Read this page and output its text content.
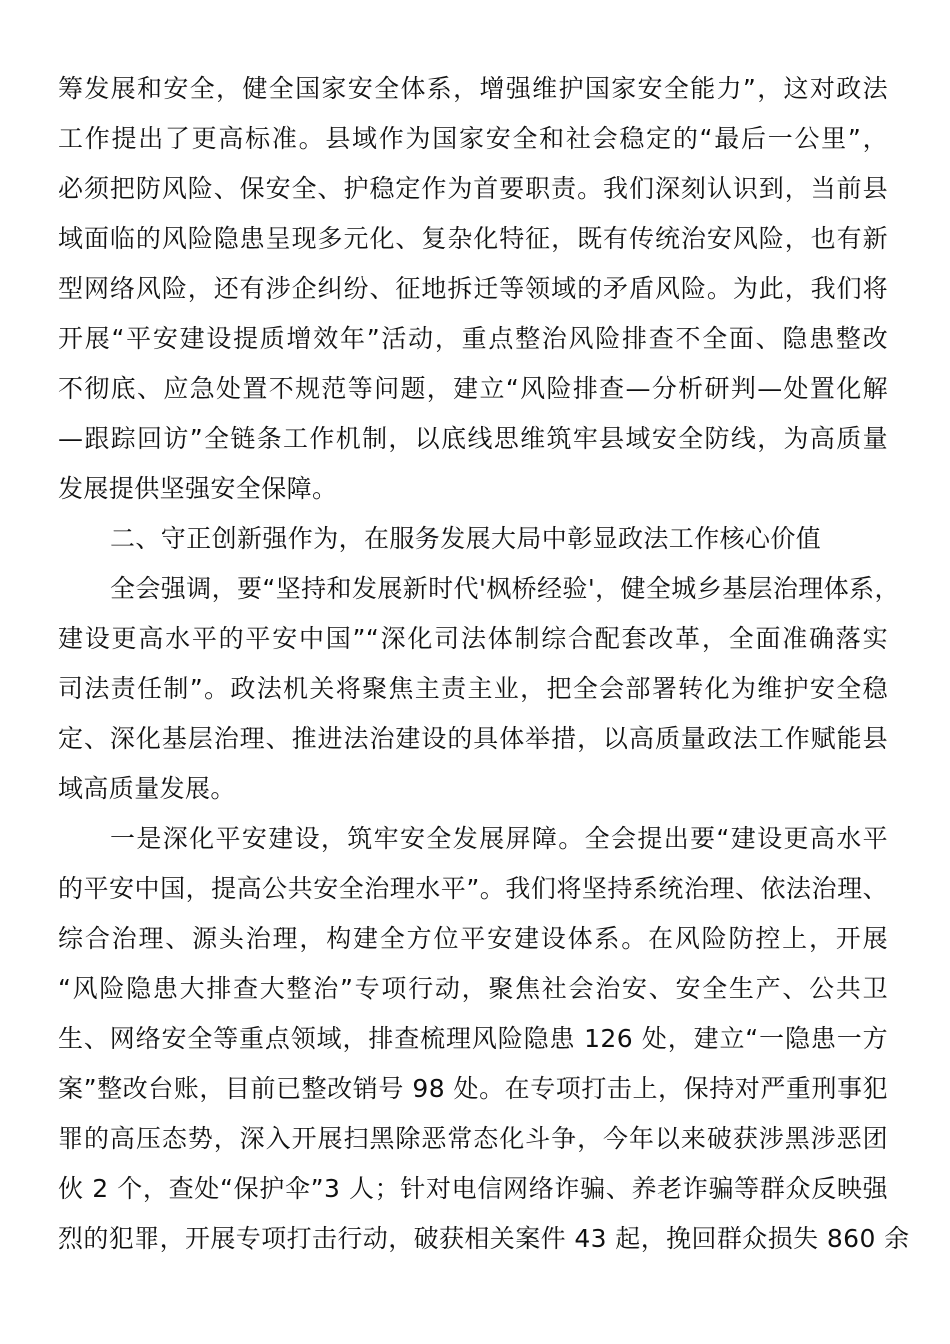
筹发展和安全，健全国家安全体系，增强维护国家安全能力”，这对政法
工作提出了更高标准。县域作为国家安全和社会稳定的“最后一公里”，
必须把防风险、保安全、护稳定作为首要职责。我们深刻认识到，当前县
域面临的风险隐患呈现多元化、复杂化特征，既有传统治安风险，也有新
型网络风险，还有涉企纠纷、征地拆迁等领域的矛盾风险。为此，我们将
开展“平安建设提质增效年”活动，重点整治风险排查不全面、隐患整改
不彻底、应急处置不规范等问题，建立“风险排查—分析研判—处置化解
—跟踪回访”全链条工作机制，以底线思维筑牢县域安全防线，为高质量
发展提供坚强安全保障。
二、守正创新强作为，在服务发展大局中彰显政法工作核心价值
全会强调，要“坚持和发展新时代'枫桥经验'，健全城乡基层治理体系，
建设更高水平的平安中国”“深化司法体制综合配套改革，全面准确落实
司法责任制”。政法机关将聚焦主责主业，把全会部署转化为维护安全稳
定、深化基层治理、推进法治建设的具体举措，以高质量政法工作赋能县
域高质量发展。
一是深化平安建设，筑牢安全发展屏障。全会提出要“建设更高水平
的平安中国，提高公共安全治理水平”。我们将坚持系统治理、依法治理、
综合治理、源头治理，构建全方位平安建设体系。在风险防控上，开展
“风险隐患大排查大整治”专项行动，聚焦社会治安、安全生产、公共卫
生、网络安全等重点领域，排查梳理风险隐患 126 处，建立“一隐患一方
案”整改台账，目前已整改销号 98 处。在专项打击上，保持对严重刑事犯
罪的高压态势，深入开展扫黑除恶常态化斗争，今年以来破获涉黑涉恶团
伙 2 个，查处“保护伞”3 人；针对电信网络诈骗、养老诈骗等群众反映强
烈的犯罪，开展专项打击行动，破获相关案件 43 起，挽回群众损失 860 余
